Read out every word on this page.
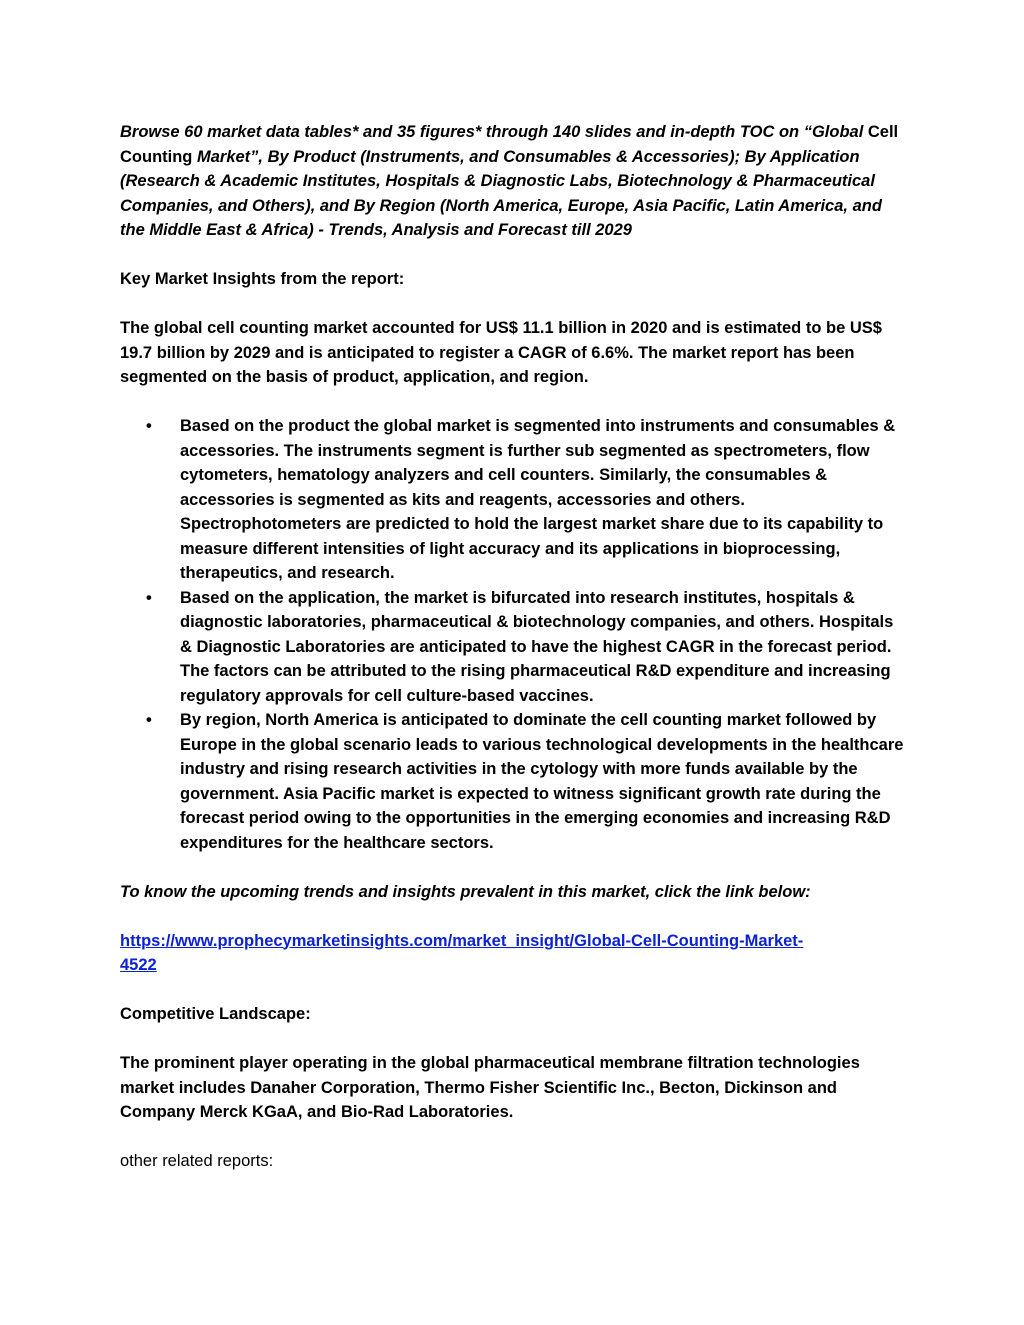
Browse 60 market data tables* and 35 figures* through 140 slides and in-depth TOC on “Global Cell Counting Market”, By Product (Instruments, and Consumables & Accessories); By Application (Research & Academic Institutes, Hospitals & Diagnostic Labs, Biotechnology & Pharmaceutical Companies, and Others), and By Region (North America, Europe, Asia Pacific, Latin America, and the Middle East & Africa) - Trends, Analysis and Forecast till 2029

Key Market Insights from the report:

The global cell counting market accounted for US$ 11.1 billion in 2020 and is estimated to be US$ 19.7 billion by 2029 and is anticipated to register a CAGR of 6.6%. The market report has been segmented on the basis of product, application, and region.

• Based on the product the global market is segmented into instruments and consumables & accessories. The instruments segment is further sub segmented as spectrometers, flow cytometers, hematology analyzers and cell counters. Similarly, the consumables & accessories is segmented as kits and reagents, accessories and others. Spectrophotometers are predicted to hold the largest market share due to its capability to measure different intensities of light accuracy and its applications in bioprocessing, therapeutics, and research.
• Based on the application, the market is bifurcated into research institutes, hospitals & diagnostic laboratories, pharmaceutical & biotechnology companies, and others. Hospitals & Diagnostic Laboratories are anticipated to have the highest CAGR in the forecast period. The factors can be attributed to the rising pharmaceutical R&D expenditure and increasing regulatory approvals for cell culture-based vaccines.
• By region, North America is anticipated to dominate the cell counting market followed by Europe in the global scenario leads to various technological developments in the healthcare industry and rising research activities in the cytology with more funds available by the government. Asia Pacific market is expected to witness significant growth rate during the forecast period owing to the opportunities in the emerging economies and increasing R&D expenditures for the healthcare sectors.

To know the upcoming trends and insights prevalent in this market, click the link below:

https://www.prophecymarketinsights.com/market_insight/Global-Cell-Counting-Market-
4522

Competitive Landscape:

The prominent player operating in the global pharmaceutical membrane filtration technologies market includes Danaher Corporation, Thermo Fisher Scientific Inc., Becton, Dickinson and Company Merck KGaA, and Bio-Rad Laboratories.

other related reports:
